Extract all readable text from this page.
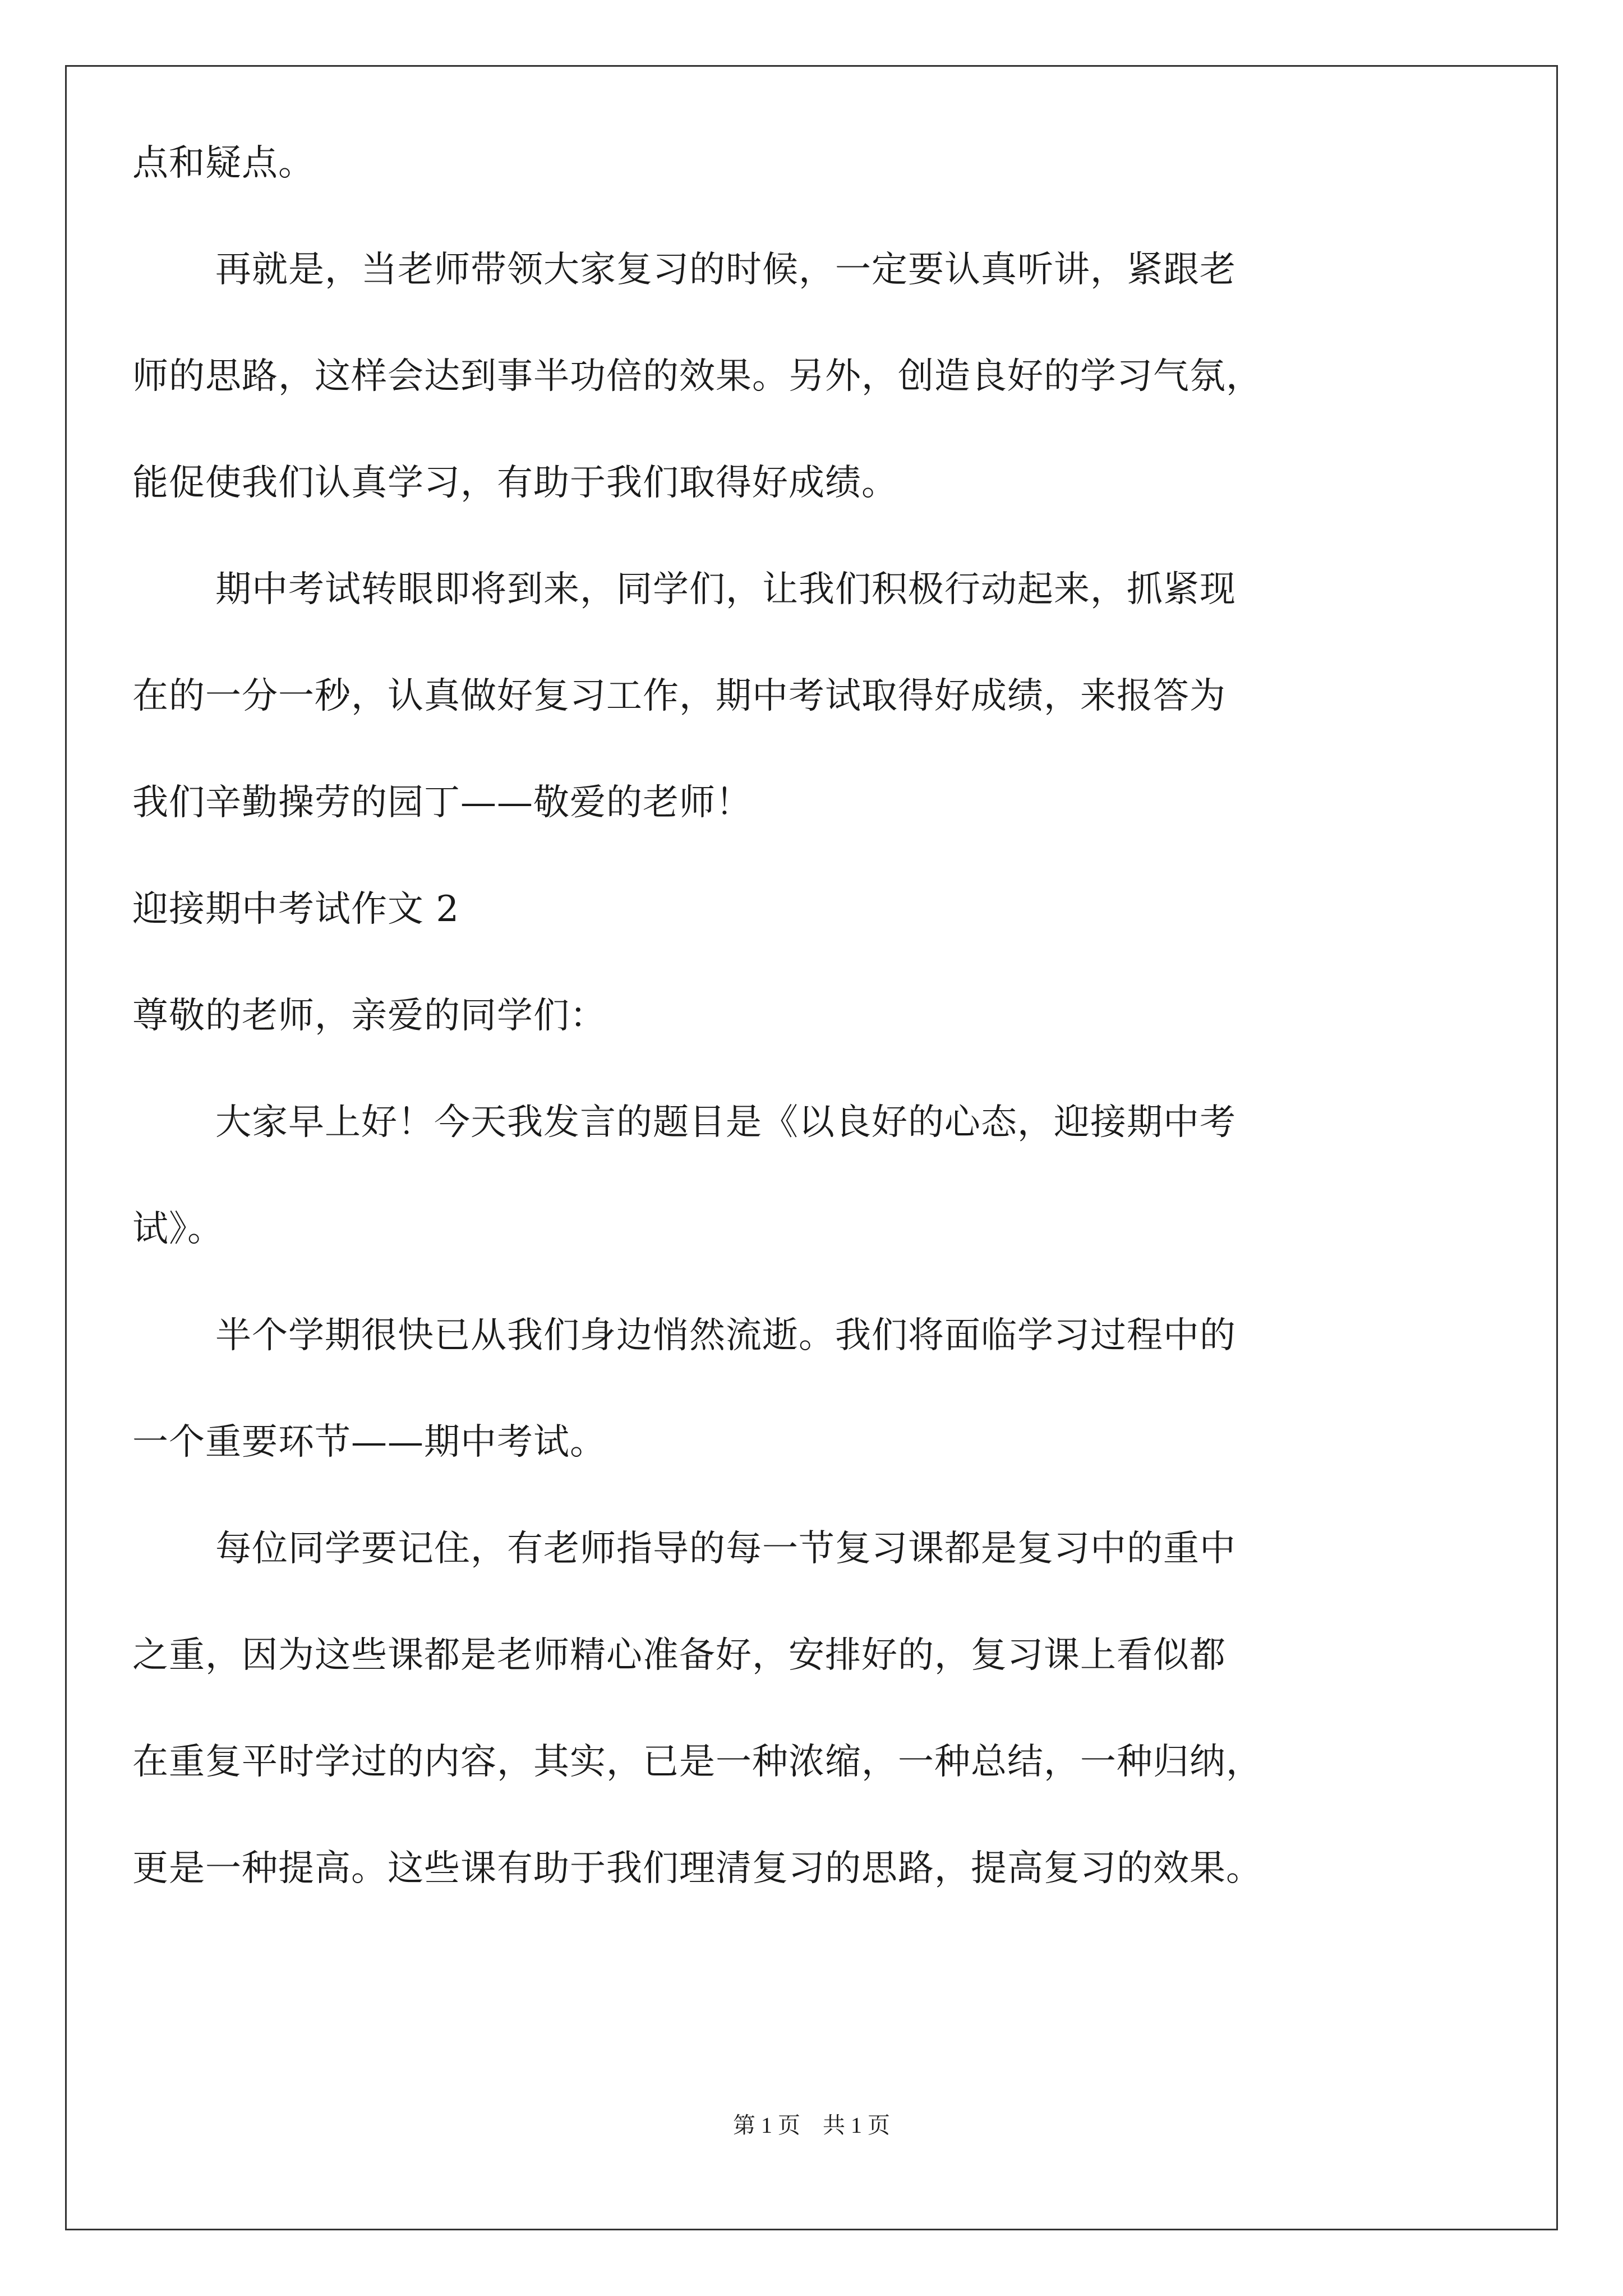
点和疑点。
再就是，当老师带领大家复习的时候，一定要认真听讲，紧跟老
师的思路，这样会达到事半功倍的效果。另外，创造良好的学习气氛，
能促使我们认真学习，有助于我们取得好成绩。
期中考试转眼即将到来，同学们，让我们积极行动起来，抓紧现
在的一分一秒，认真做好复习工作，期中考试取得好成绩，来报答为
我们辛勤操劳的园丁——敬爱的老师！
迎接期中考试作文 2
尊敬的老师，亲爱的同学们：
大家早上好！今天我发言的题目是《以良好的心态，迎接期中考
试》。
半个学期很快已从我们身边悄然流逝。我们将面临学习过程中的
一个重要环节——期中考试。
每位同学要记住，有老师指导的每一节复习课都是复习中的重中
之重，因为这些课都是老师精心准备好，安排好的，复习课上看似都
在重复平时学过的内容，其实，已是一种浓缩，一种总结，一种归纳，
更是一种提高。这些课有助于我们理清复习的思路，提高复习的效果。
第 1 页 共 1 页
